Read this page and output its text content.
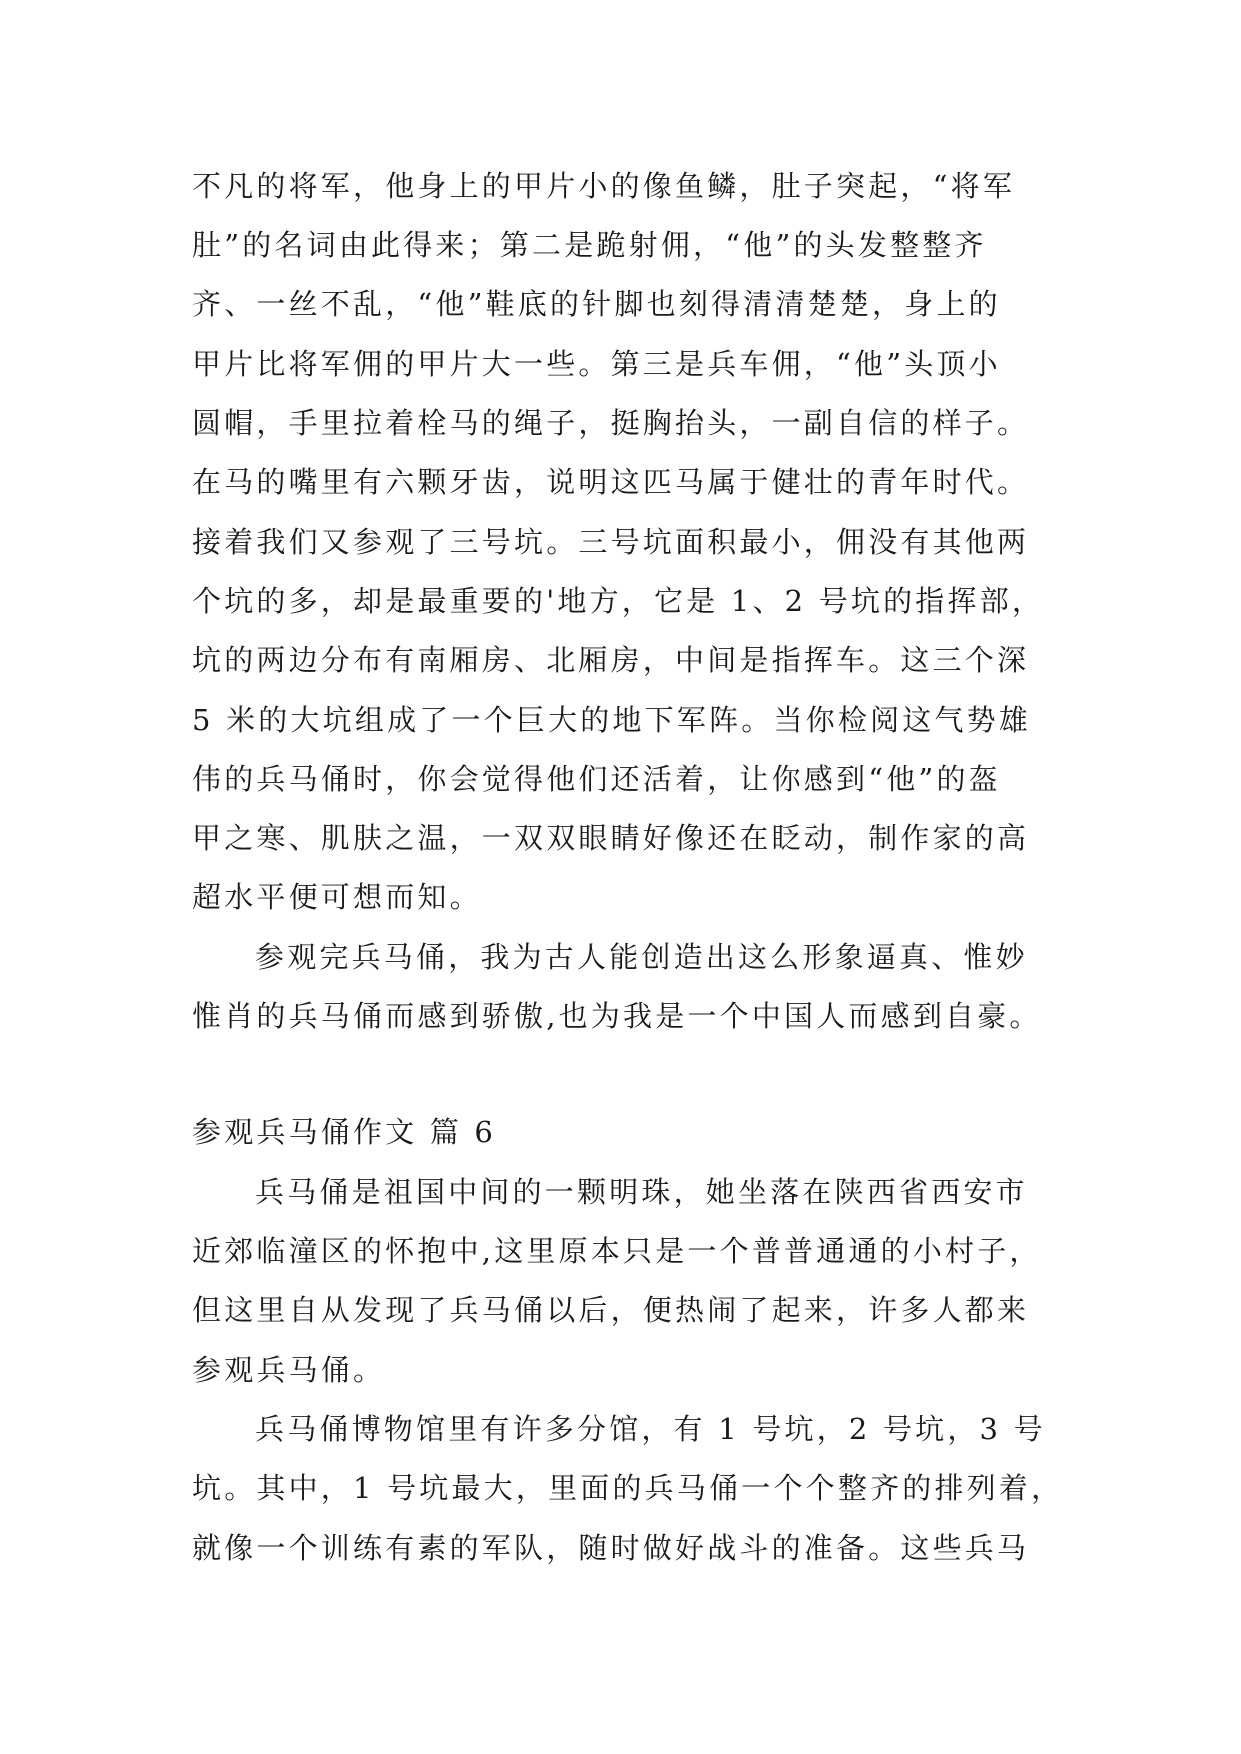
不凡的将军，他身上的甲片小的像鱼鳞，肚子突起，“将军
肚”的名词由此得来；第二是跪射佣，“他”的头发整整齐
齐、一丝不乱，“他”鞋底的针脚也刻得清清楚楚，身上的
甲片比将军佣的甲片大一些。第三是兵车佣，“他”头顶小
圆帽，手里拉着栓马的绳子，挺胸抬头，一副自信的样子。
在马的嘴里有六颗牙齿，说明这匹马属于健壮的青年时代。
接着我们又参观了三号坑。三号坑面积最小，佣没有其他两
个坑的多，却是最重要的'地方，它是 1、2 号坑的指挥部，
坑的两边分布有南厢房、北厢房，中间是指挥车。这三个深
5 米的大坑组成了一个巨大的地下军阵。当你检阅这气势雄
伟的兵马俑时，你会觉得他们还活着，让你感到“他”的盔
甲之寒、肌肤之温，一双双眼睛好像还在眨动，制作家的高
超水平便可想而知。
参观完兵马俑，我为古人能创造出这么形象逼真、惟妙
惟肖的兵马俑而感到骄傲,也为我是一个中国人而感到自豪。
参观兵马俑作文 篇 6
兵马俑是祖国中间的一颗明珠，她坐落在陕西省西安市
近郊临潼区的怀抱中,这里原本只是一个普普通通的小村子，
但这里自从发现了兵马俑以后，便热闹了起来，许多人都来
参观兵马俑。
兵马俑博物馆里有许多分馆，有 1 号坑，2 号坑，3 号
坑。其中，1 号坑最大，里面的兵马俑一个个整齐的排列着，
就像一个训练有素的军队，随时做好战斗的准备。这些兵马
